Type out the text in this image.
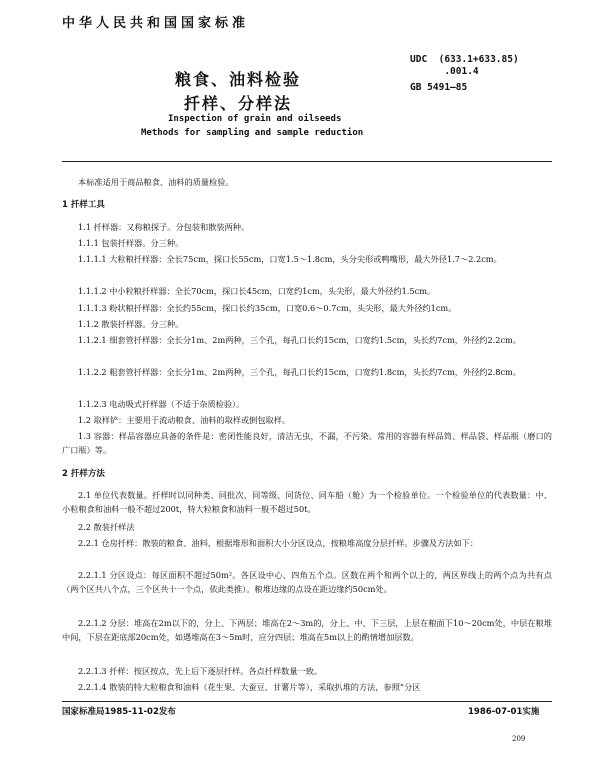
中华人民共和国国家标准
UDC  (633.1+633.85)
.001.4
GB 5491—85
粮食、油料检验
扦样、分样法
Inspection of grain and oilseeds
Methods for sampling and sample reduction
本标准适用于商品粮食、油料的质量检验。
1 扦样工具
1.1 扦样器：又称粮探子。分包装和散装两种。
1.1.1 包装扦样器。分三种。
1.1.1.1 大粒粮扦样器：全长75cm，探口长55cm，口宽1.5～1.8cm，头分尖形或鸭嘴形，最大外径1.7～2.2cm。
1.1.1.2 中小粒粮扦样器：全长70cm，探口长45cm，口宽约1cm，头尖形，最大外径约1.5cm。
1.1.1.3 粉状粮扦样器：全长约55cm，探口长约35cm，口宽0.6～0.7cm，头尖形，最大外径约1cm。
1.1.2 散装扦样器。分三种。
1.1.2.1 细套管扦样器：全长分1m、2m两种，三个孔，每孔口长约15cm，口宽约1.5cm，头长约7cm，外径约2.2cm。
1.1.2.2 粗套管扦样器：全长分1m、2m两种，三个孔，每孔口长约15cm，口宽约1.8cm，头长约7cm，外径约2.8cm。
1.1.2.3 电动吸式扦样器（不适于杂质检验）。
1.2 取样铲：主要用于流动粮食、油料的取样或倒包取样。
1.3 容器：样品容器应具备的条件是：密闭性能良好，清洁无虫，不漏，不污染。常用的容器有样品筒、样品袋、样品瓶（磨口的广口瓶）等。
2 扦样方法
2.1 单位代表数量。扦样时以同种类、同批次、同等级、同货位、同车船（舱）为一个检验单位。一个检验单位的代表数量：中、小粒粮食和油料一般不超过200t，特大粒粮食和油料一般不超过50t。
2.2 散装扦样法
2.2.1 仓房扦样：散装的粮食、油料，根据堆形和面积大小分区设点，按粮堆高度分层扦样。步骤及方法如下：
2.2.1.1 分区设点：每区面积不超过50m²。各区设中心、四角五个点。区数在两个和两个以上的，两区界线上的两个点为共有点（两个区共八个点，三个区共十一个点，依此类推）。粮堆边缘的点设在距边缘约50cm处。
2.2.1.2 分层：堆高在2m以下的，分上、下两层；堆高在2～3m的，分上、中、下三层，上层在粮面下10～20cm处，中层在粮堆中间，下层在距底部20cm处，如遇堆高在3～5m时，应分四层；堆高在5m以上的酌情增加层数。
2.2.1.3 扦样：按区按点，先上后下逐层扦样。各点扦样数量一致。
2.2.1.4 散装的特大粒粮食和油料（花生果、大蚕豆、甘薯片等），采取扒堆的方法，参照“分区
国家标准局1985-11-02发布	1986-07-01实施
209
